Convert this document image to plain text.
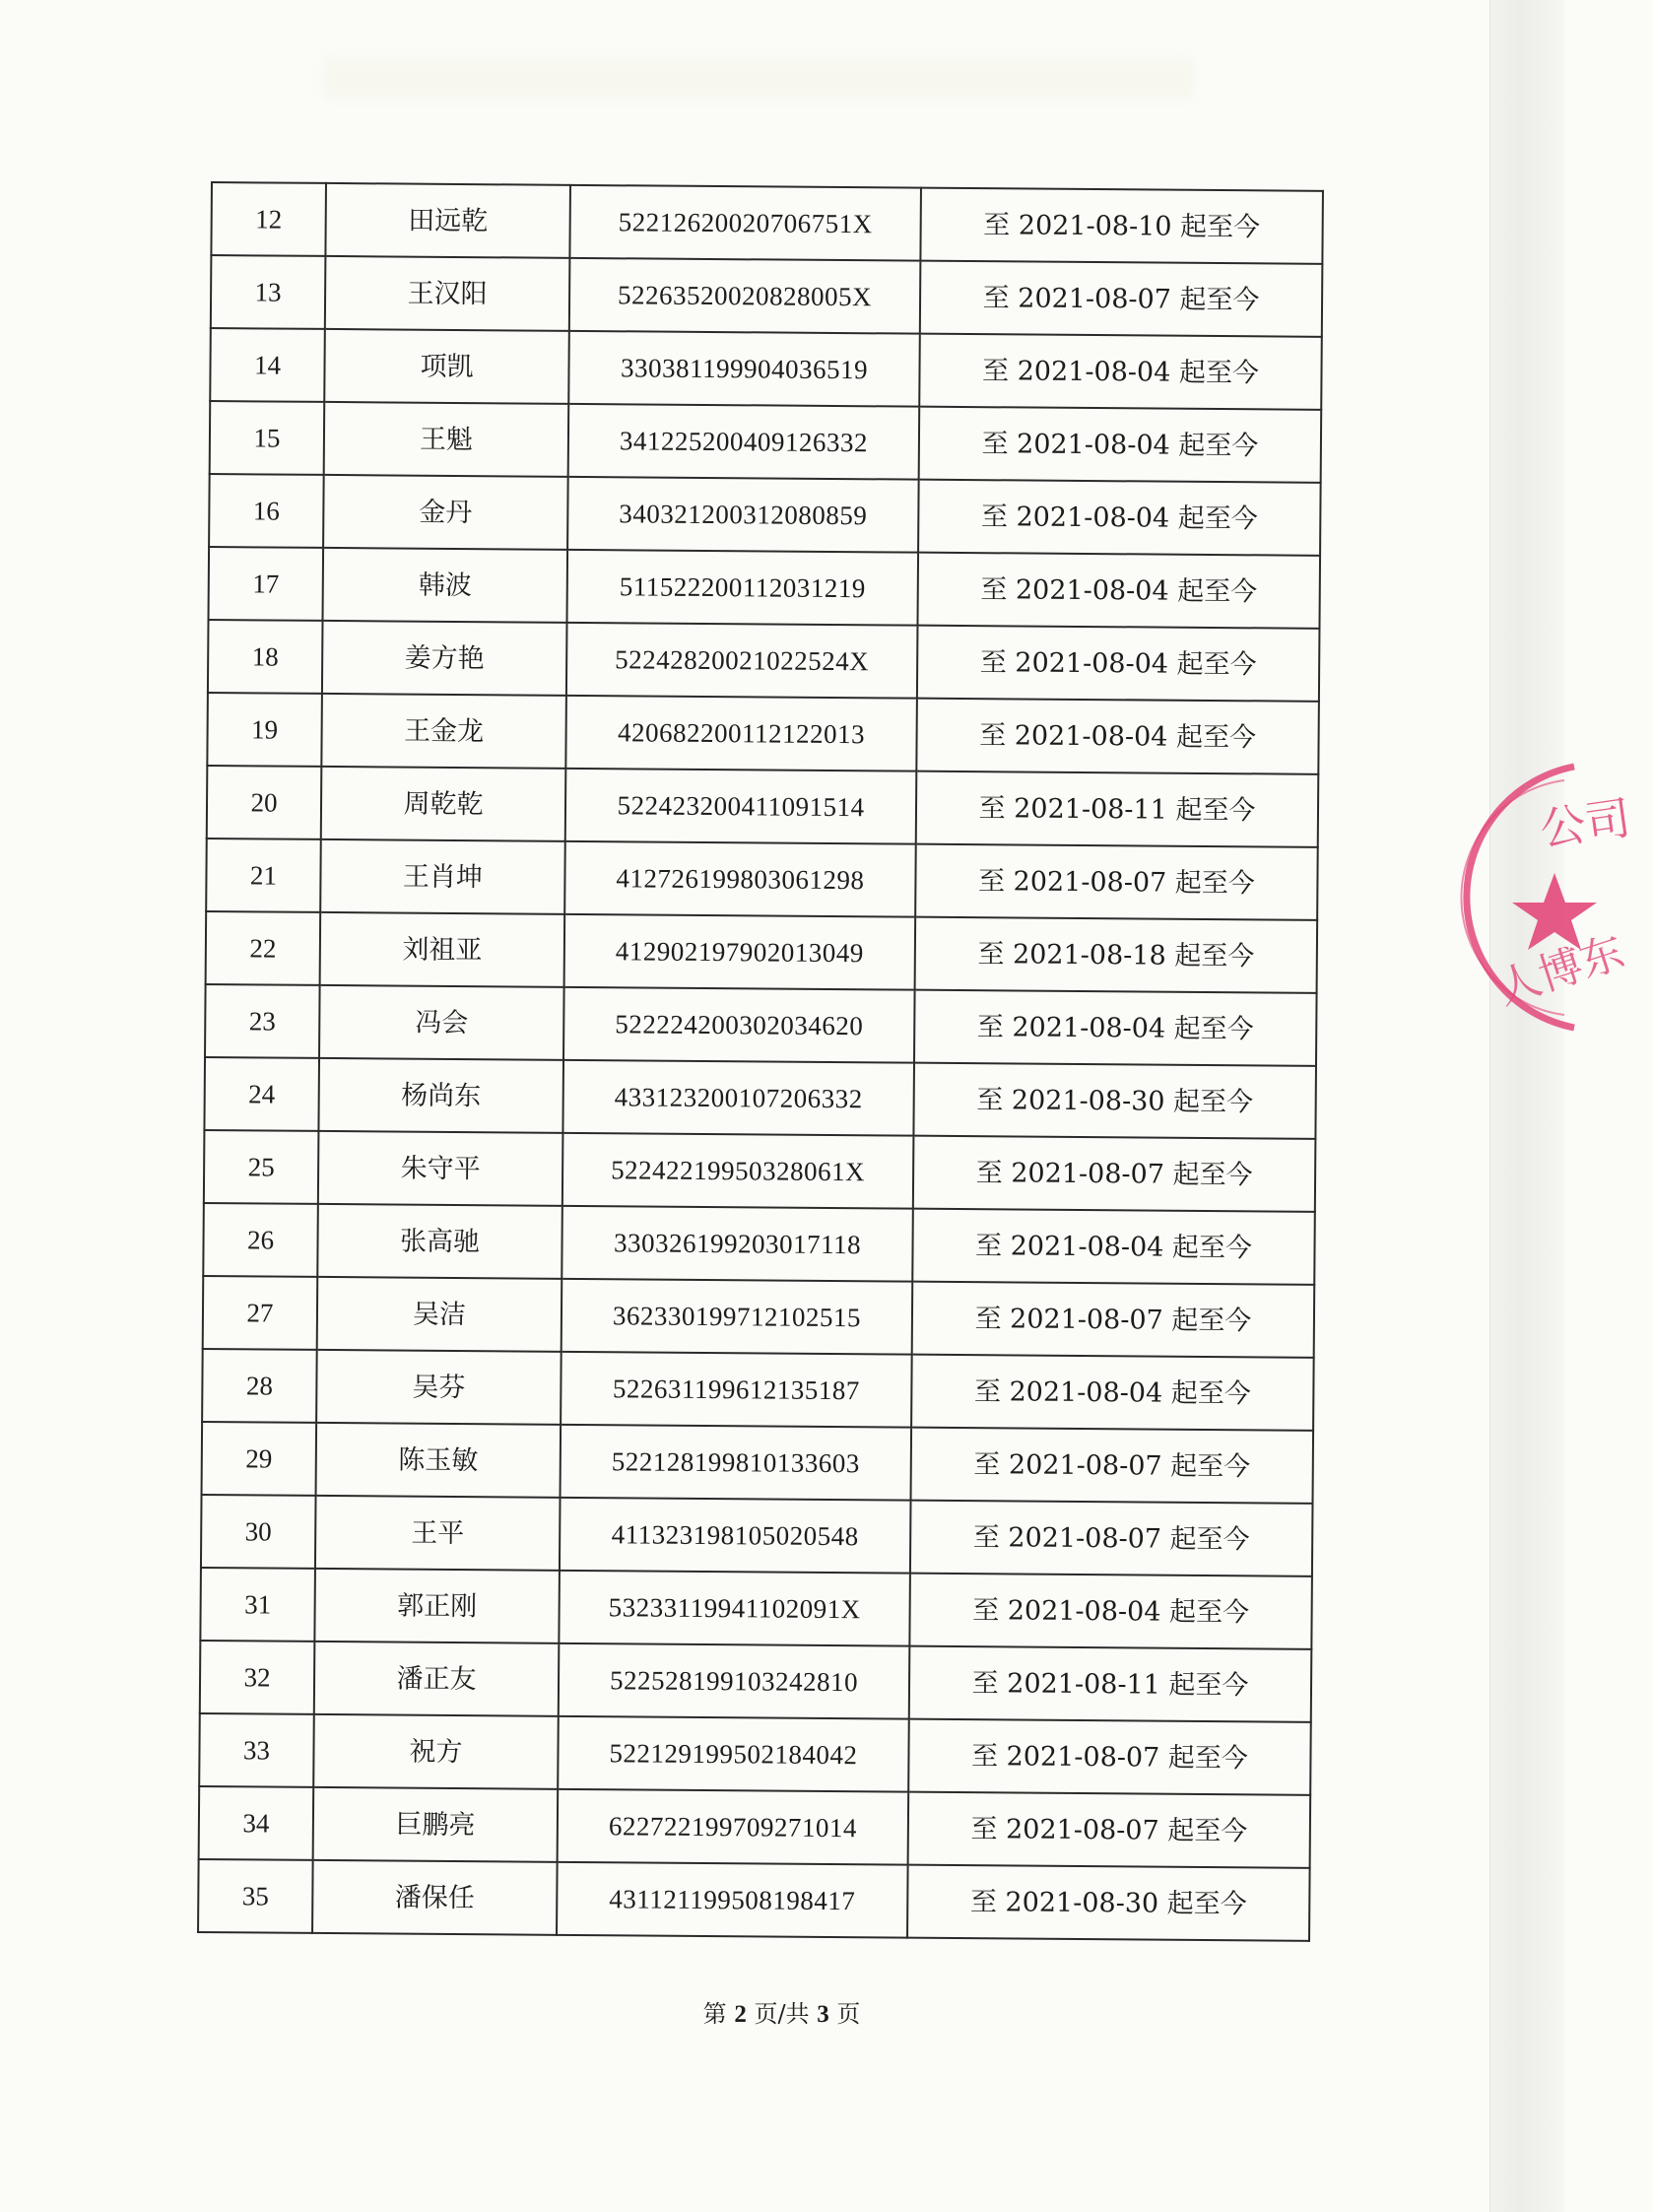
12	田远乾	52212620020706751X	至 2021-08-10 起至今
13	王汉阳	52263520020828005X	至 2021-08-07 起至今
14	项凯	330381199904036519	至 2021-08-04 起至今
15	王魁	341225200409126332	至 2021-08-04 起至今
16	金丹	340321200312080859	至 2021-08-04 起至今
17	韩波	511522200112031219	至 2021-08-04 起至今
18	姜方艳	52242820021022524X	至 2021-08-04 起至今
19	王金龙	420682200112122013	至 2021-08-04 起至今
20	周乾乾	522423200411091514	至 2021-08-11 起至今
21	王肖坤	412726199803061298	至 2021-08-07 起至今
22	刘祖亚	412902197902013049	至 2021-08-18 起至今
23	冯会	522224200302034620	至 2021-08-04 起至今
24	杨尚东	433123200107206332	至 2021-08-30 起至今
25	朱守平	52242219950328061X	至 2021-08-07 起至今
26	张高驰	330326199203017118	至 2021-08-04 起至今
27	吴洁	362330199712102515	至 2021-08-07 起至今
28	吴芬	522631199612135187	至 2021-08-04 起至今
29	陈玉敏	522128199810133603	至 2021-08-07 起至今
30	王平	411323198105020548	至 2021-08-07 起至今
31	郭正刚	53233119941102091X	至 2021-08-04 起至今
32	潘正友	522528199103242810	至 2021-08-11 起至今
33	祝方	522129199502184042	至 2021-08-07 起至今
34	巨鹏亮	622722199709271014	至 2021-08-07 起至今
35	潘保任	431121199508198417	至 2021-08-30 起至今
第 2 页/共 3 页
公司
人博东
